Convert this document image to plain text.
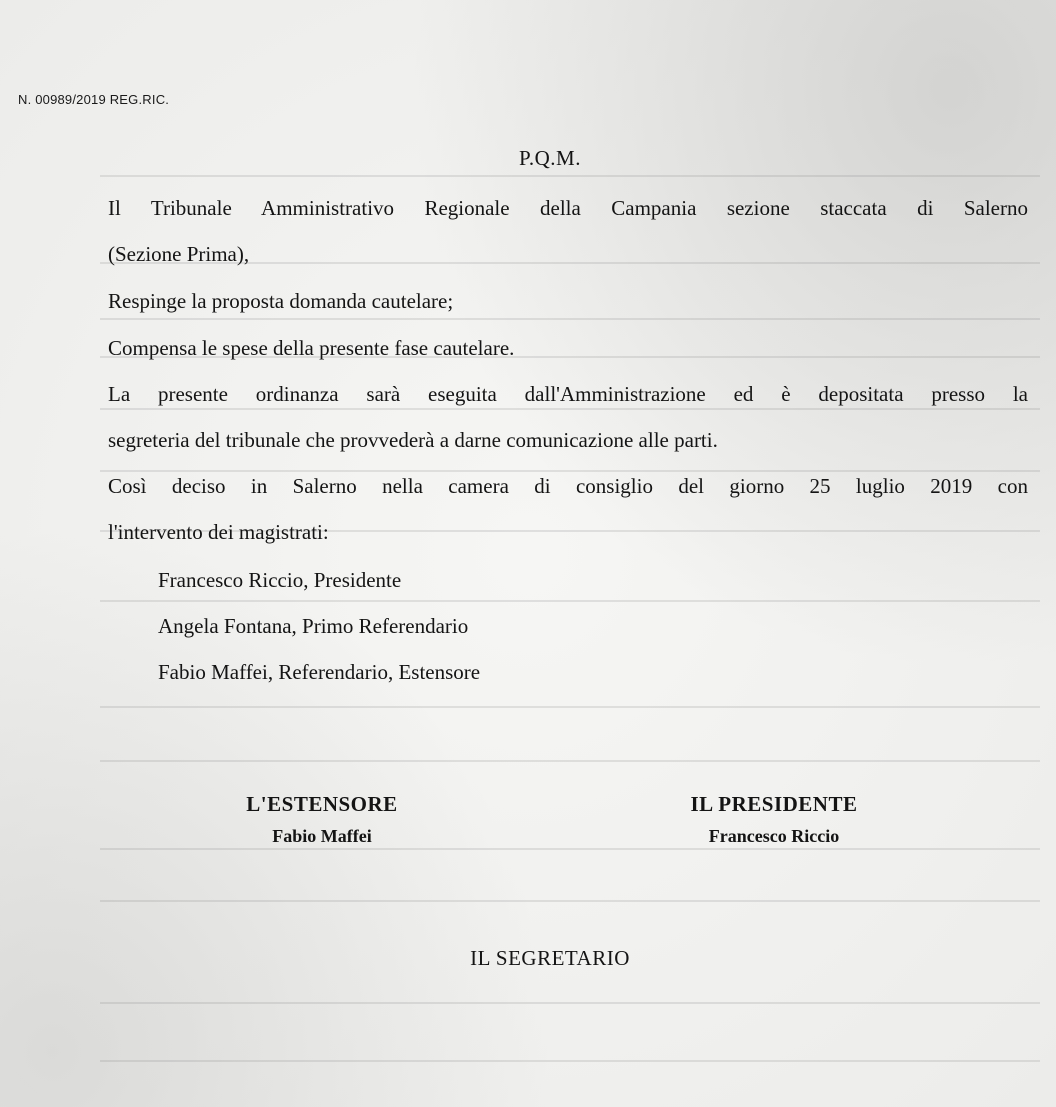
N. 00989/2019 REG.RIC.
P.Q.M.
Il Tribunale Amministrativo Regionale della Campania sezione staccata di Salerno
(Sezione Prima),
Respinge la proposta domanda cautelare;
Compensa le spese della presente fase cautelare.
La presente ordinanza sarà eseguita dall'Amministrazione ed è depositata presso la
segreteria del tribunale che provvederà a darne comunicazione alle parti.
Così deciso in Salerno nella camera di consiglio del giorno 25 luglio 2019 con
l'intervento dei magistrati:
Francesco Riccio, Presidente
Angela Fontana, Primo Referendario
Fabio Maffei, Referendario, Estensore
L'ESTENSORE
Fabio Maffei
IL PRESIDENTE
Francesco Riccio
IL SEGRETARIO
